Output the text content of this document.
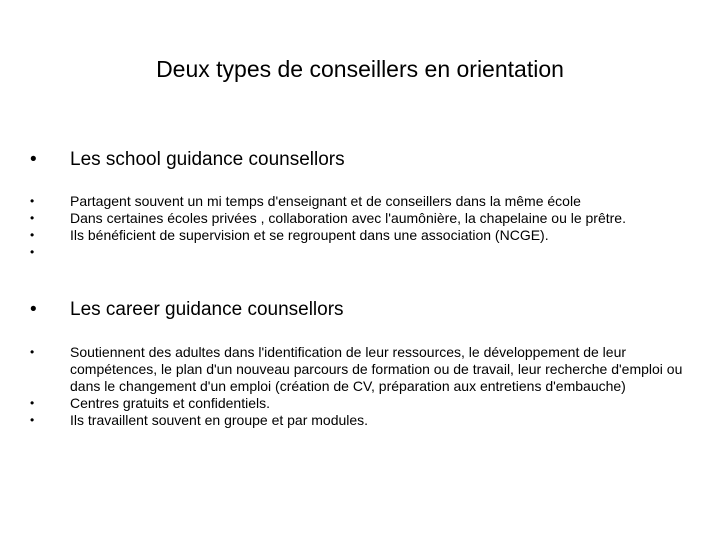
Deux types de conseillers en orientation
• Les school guidance counsellors
•	Partagent souvent un mi temps d'enseignant et de conseillers dans la même école
•	Dans certaines écoles privées , collaboration avec l'aumônière, la chapelaine ou le prêtre.
•	Ils bénéficient de supervision et se regroupent dans une association (NCGE).
•
• Les career guidance counsellors
•	Soutiennent des adultes dans l'identification de leur ressources, le développement de leur compétences, le plan d'un nouveau parcours de formation ou de travail, leur recherche d'emploi ou dans le changement d'un emploi (création de CV, préparation aux entretiens d'embauche)
•	Centres gratuits et confidentiels.
•	Ils travaillent souvent en groupe et par modules.
